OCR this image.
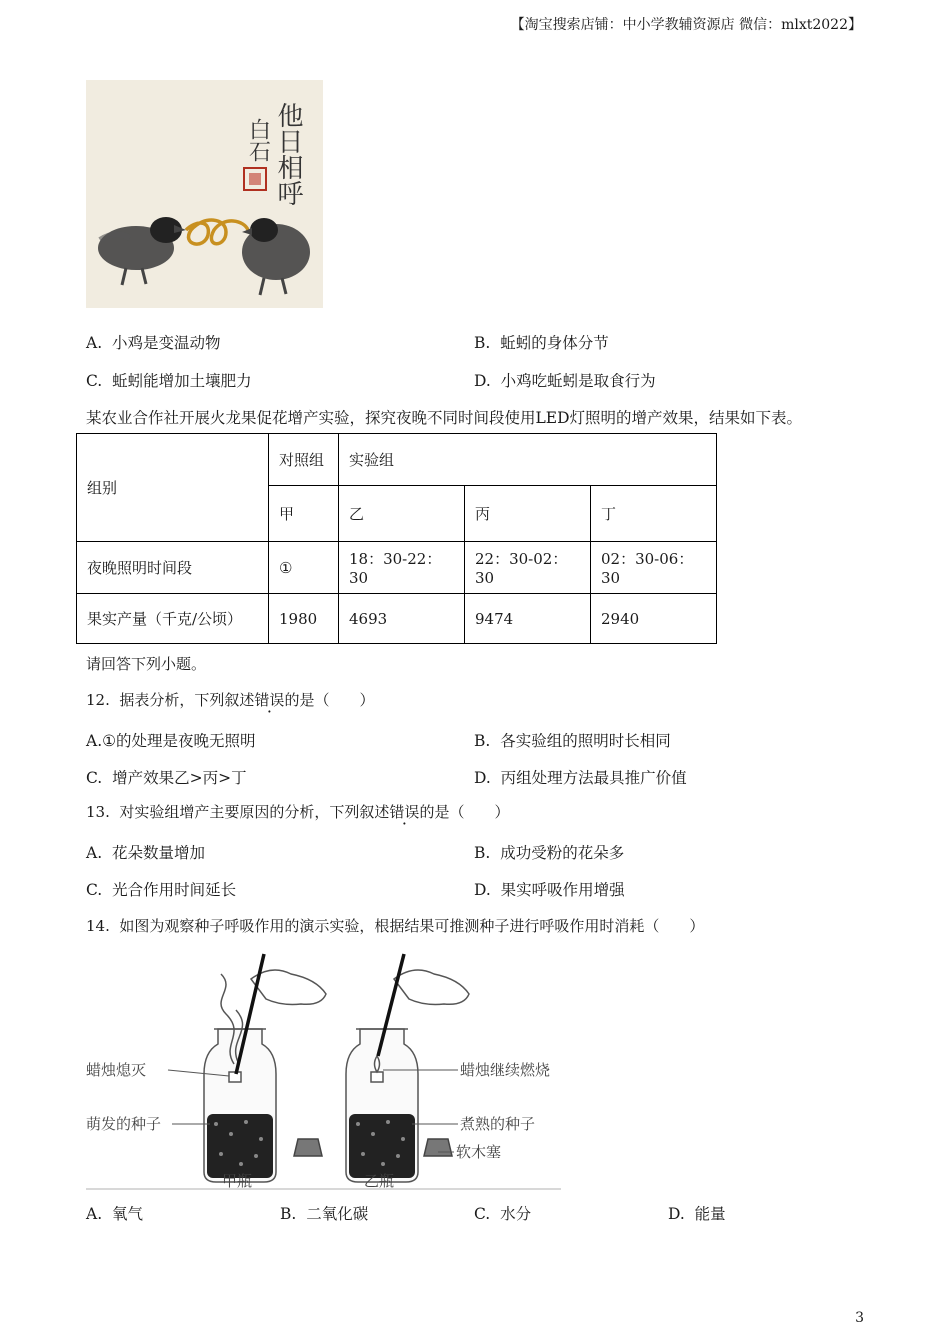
【淘宝搜索店铺：中小学教辅资源店 微信：mlxt2022】
他日相呼
白石
A. 小鸡是变温动物	B. 蚯蚓的身体分节
C. 蚯蚓能增加土壤肥力	D. 小鸡吃蚯蚓是取食行为
某农业合作社开展火龙果促花增产实验，探究夜晚不同时间段使用LED灯照明的增产效果，结果如下表。
组别	对照组	实验组		
	甲	乙	丙	丁
夜晚照明时间段	①	18：30-22：30	22：30-02：30	02：30-06：30
果实产量（千克/公顷）	1980	4693	9474	2940
请回答下列小题。
12. 据表分析，下列叙述错误的是（　　）
A.①的处理是夜晚无照明	B. 各实验组的照明时长相同
C. 增产效果乙>丙>丁	D. 丙组处理方法最具推广价值
13. 对实验组增产主要原因的分析，下列叙述错误的是（　　）
A. 花朵数量增加	B. 成功受粉的花朵多
C. 光合作用时间延长	D. 果实呼吸作用增强
14. 如图为观察种子呼吸作用的演示实验，根据结果可推测种子进行呼吸作用时消耗（　　）
蜡烛熄灭
萌发的种子
蜡烛继续燃烧
煮熟的种子
软木塞
甲瓶	乙瓶
A. 氧气	B. 二氧化碳	C. 水分	D. 能量
3
